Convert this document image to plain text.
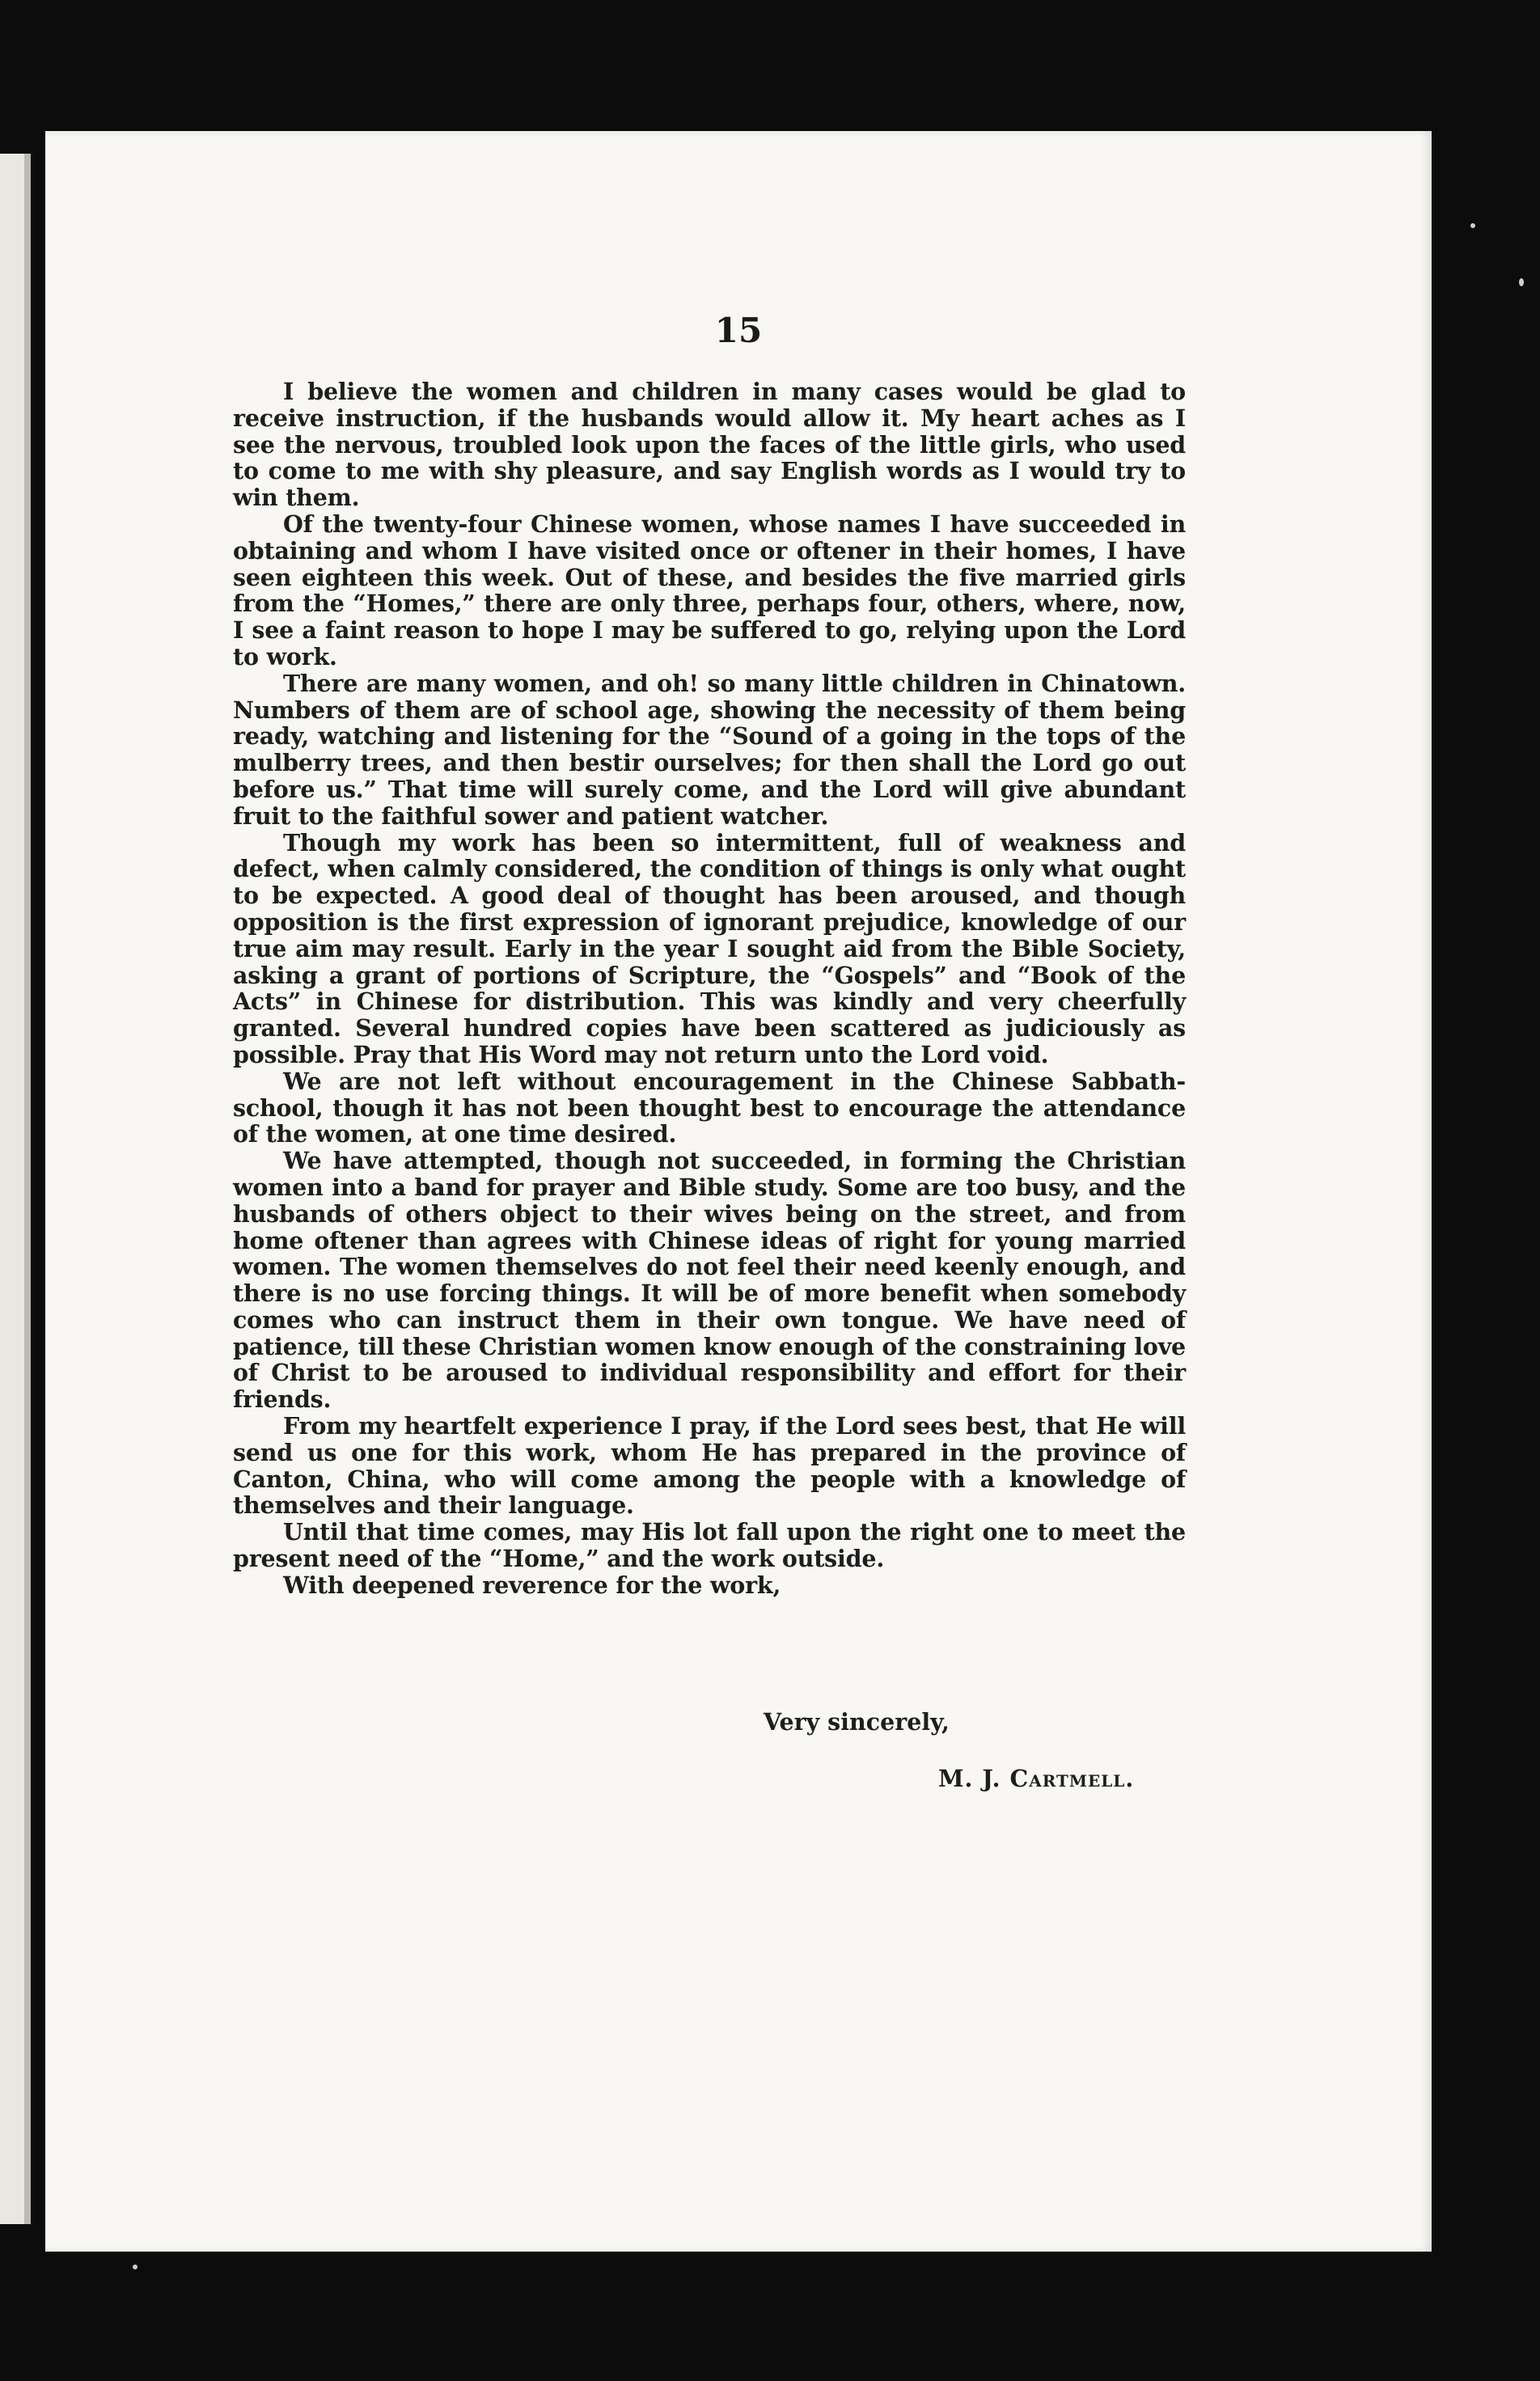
15

I believe the women and children in many cases would be glad to receive instruction, if the husbands would allow it. My heart aches as I see the nervous, troubled look upon the faces of the little girls, who used to come to me with shy pleasure, and say English words as I would try to win them.

Of the twenty-four Chinese women, whose names I have succeeded in obtaining and whom I have visited once or oftener in their homes, I have seen eighteen this week. Out of these, and besides the five married girls from the “Homes,” there are only three, perhaps four, others, where, now, I see a faint reason to hope I may be suffered to go, relying upon the Lord to work.

There are many women, and oh! so many little children in Chinatown. Numbers of them are of school age, showing the necessity of them being ready, watching and listening for the “Sound of a going in the tops of the mulberry trees, and then bestir ourselves; for then shall the Lord go out before us.” That time will surely come, and the Lord will give abundant fruit to the faithful sower and patient watcher.

Though my work has been so intermittent, full of weakness and defect, when calmly considered, the condition of things is only what ought to be expected. A good deal of thought has been aroused, and though opposition is the first expression of ignorant prejudice, knowledge of our true aim may result. Early in the year I sought aid from the Bible Society, asking a grant of portions of Scripture, the “Gospels” and “Book of the Acts” in Chinese for distribution. This was kindly and very cheerfully granted. Several hundred copies have been scattered as judiciously as possible. Pray that His Word may not return unto the Lord void.

We are not left without encouragement in the Chinese Sabbath-school, though it has not been thought best to encourage the attendance of the women, at one time desired.

We have attempted, though not succeeded, in forming the Christian women into a band for prayer and Bible study. Some are too busy, and the husbands of others object to their wives being on the street, and from home oftener than agrees with Chinese ideas of right for young married women. The women themselves do not feel their need keenly enough, and there is no use forcing things. It will be of more benefit when somebody comes who can instruct them in their own tongue. We have need of patience, till these Christian women know enough of the constraining love of Christ to be aroused to individual responsibility and effort for their friends.

From my heartfelt experience I pray, if the Lord sees best, that He will send us one for this work, whom He has prepared in the province of Canton, China, who will come among the people with a knowledge of themselves and their language.

Until that time comes, may His lot fall upon the right one to meet the present need of the “Home,” and the work outside.

With deepened reverence for the work,

Very sincerely,
M. J. Cartmell.
